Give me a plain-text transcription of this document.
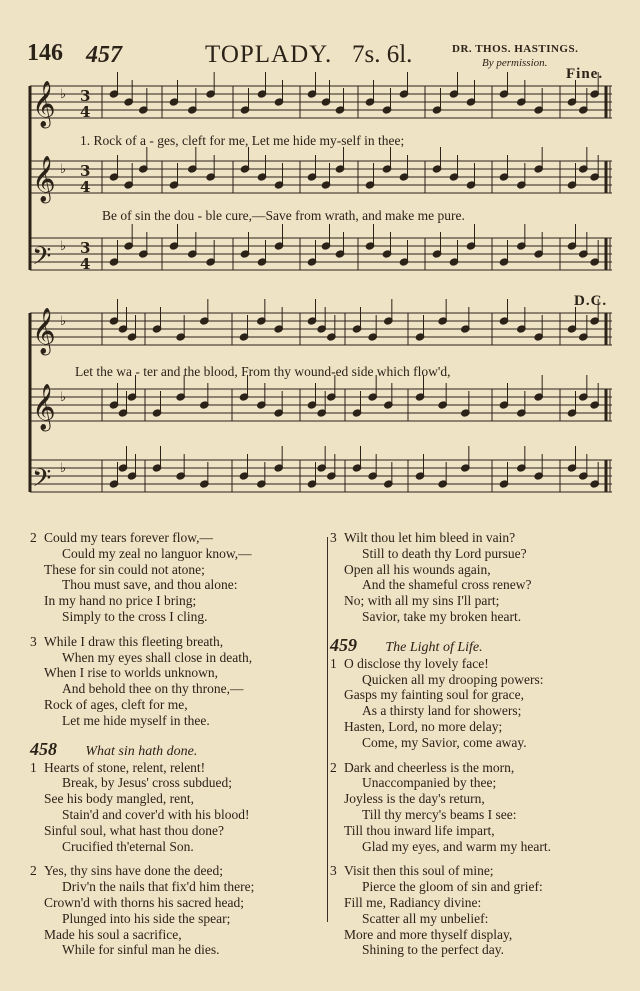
146 457	TOPLADY. 7s. 6l.	DR. THOS. HASTINGS.
By permission.
Fine.
D.C.
𝄞 ♭ 3
4
𝄞 ♭ 3
4
𝄢 ♭ 3
4
𝄞 ♭
𝄞 ♭
𝄢 ♭
1. Rock of a - ges, cleft for me, Let me hide my-self in thee;
Be of sin the dou - ble cure,—Save from wrath, and make me pure.
Let the wa - ter and the blood, From thy wound-ed side which flow'd,
2 Could my tears forever flow,—
Could my zeal no languor know,—
These for sin could not atone;
Thou must save, and thou alone:
In my hand no price I bring;
Simply to the cross I cling.
3 While I draw this fleeting breath,
When my eyes shall close in death,
When I rise to worlds unknown,
And behold thee on thy throne,—
Rock of ages, cleft for me,
Let me hide myself in thee.
458 What sin hath done.
1 Hearts of stone, relent, relent!
Break, by Jesus' cross subdued;
See his body mangled, rent,
Stain'd and cover'd with his blood!
Sinful soul, what hast thou done?
Crucified th'eternal Son.
2 Yes, thy sins have done the deed;
Driv'n the nails that fix'd him there;
Crown'd with thorns his sacred head;
Plunged into his side the spear;
Made his soul a sacrifice,
While for sinful man he dies.
3 Wilt thou let him bleed in vain?
Still to death thy Lord pursue?
Open all his wounds again,
And the shameful cross renew?
No; with all my sins I'll part;
Savior, take my broken heart.
459 The Light of Life.
1 O disclose thy lovely face!
Quicken all my drooping powers:
Gasps my fainting soul for grace,
As a thirsty land for showers;
Hasten, Lord, no more delay;
Come, my Savior, come away.
2 Dark and cheerless is the morn,
Unaccompanied by thee;
Joyless is the day's return,
Till thy mercy's beams I see:
Till thou inward life impart,
Glad my eyes, and warm my heart.
3 Visit then this soul of mine;
Pierce the gloom of sin and grief:
Fill me, Radiancy divine:
Scatter all my unbelief:
More and more thyself display,
Shining to the perfect day.
